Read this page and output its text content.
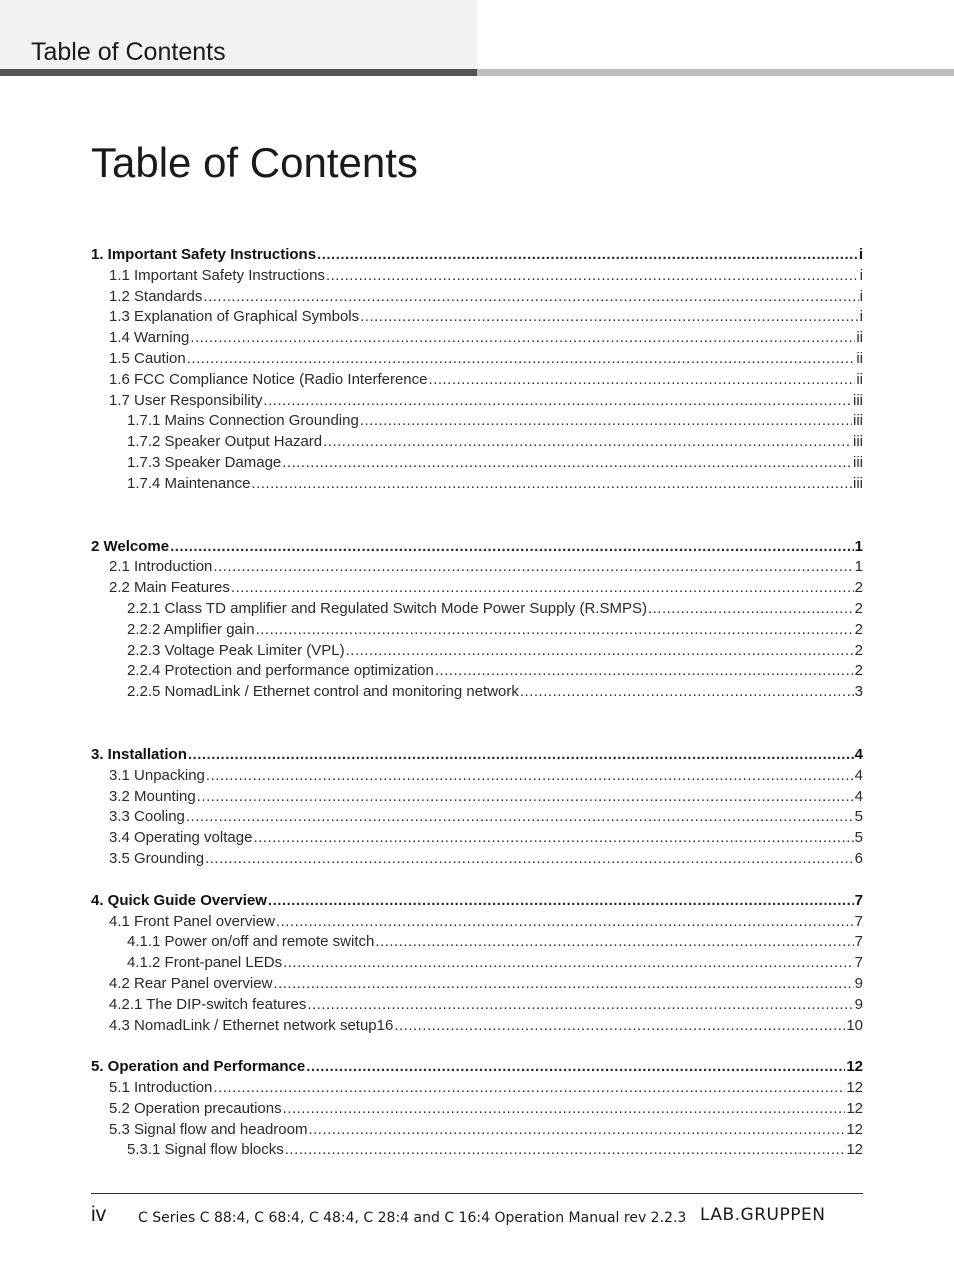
Table of Contents
Table of Contents
1. Important Safety Instructions .....	i
1.1 Important Safety Instructions .....	i
1.2 Standards .....	i
1.3 Explanation of Graphical Symbols .....	i
1.4 Warning .....	ii
1.5 Caution .....	ii
1.6 FCC Compliance Notice (Radio Interference .....	ii
1.7 User Responsibility .....	iii
1.7.1 Mains Connection Grounding .....	iii
1.7.2 Speaker Output Hazard .....	iii
1.7.3 Speaker Damage .....	iii
1.7.4 Maintenance .....	iii
2 Welcome .....	1
2.1 Introduction .....	1
2.2 Main Features .....	2
2.2.1 Class TD amplifier and Regulated Switch Mode Power Supply (R.SMPS) .....	2
2.2.2 Amplifier gain .....	2
2.2.3 Voltage Peak Limiter (VPL) .....	2
2.2.4 Protection and performance optimization .....	2
2.2.5 NomadLink / Ethernet control and monitoring network .....	3
3. Installation .....	4
3.1 Unpacking .....	4
3.2 Mounting .....	4
3.3 Cooling .....	5
3.4 Operating voltage .....	5
3.5 Grounding .....	6
4. Quick Guide Overview .....	7
4.1 Front Panel overview .....	7
4.1.1 Power on/off and remote switch .....	7
4.1.2 Front-panel LEDs .....	7
4.2 Rear Panel overview .....	9
4.2.1 The DIP-switch features .....	9
4.3 NomadLink / Ethernet network setup16 .....	10
5. Operation and Performance .....	12
5.1 Introduction .....	12
5.2 Operation precautions .....	12
5.3 Signal flow and headroom .....	12
5.3.1 Signal flow blocks .....	12
iv C Series C 88:4, C 68:4, C 48:4, C 28:4 and C 16:4 Operation Manual rev 2.2.3 LAB.GRUPPEN
